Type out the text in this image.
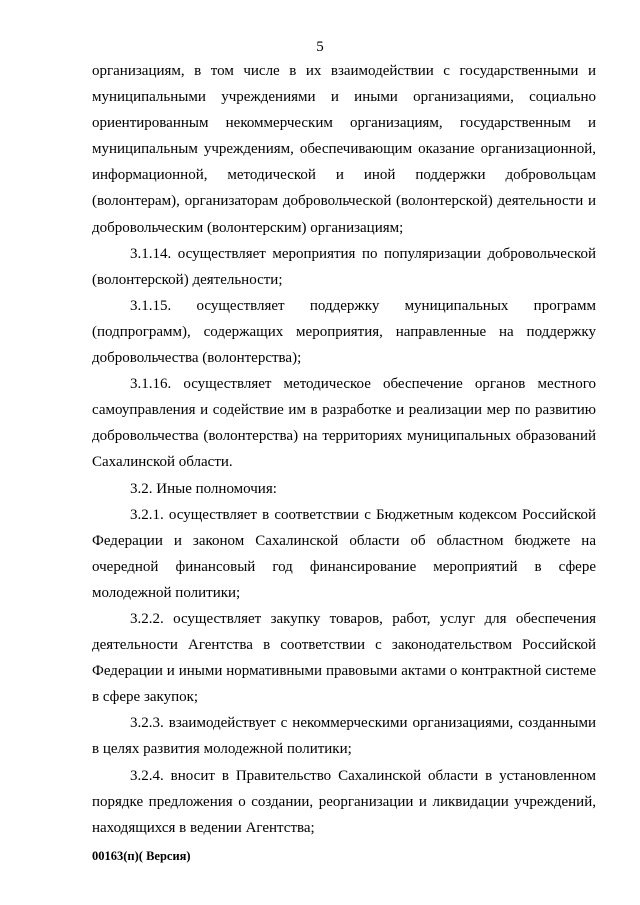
5

организациям, в том числе в их взаимодействии с государственными и муниципальными учреждениями и иными организациями, социально ориентированным некоммерческим организациям, государственным и муниципальным учреждениям, обеспечивающим оказание организационной, информационной, методической и иной поддержки добровольцам (волонтерам), организаторам добровольческой (волонтерской) деятельности и добровольческим (волонтерским) организациям;

3.1.14. осуществляет мероприятия по популяризации добровольческой (волонтерской) деятельности;

3.1.15. осуществляет поддержку муниципальных программ (подпрограмм), содержащих мероприятия, направленные на поддержку добровольчества (волонтерства);

3.1.16. осуществляет методическое обеспечение органов местного самоуправления и содействие им в разработке и реализации мер по развитию добровольчества (волонтерства) на территориях муниципальных образований Сахалинской области.

3.2. Иные полномочия:

3.2.1. осуществляет в соответствии с Бюджетным кодексом Российской Федерации и законом Сахалинской области об областном бюджете на очередной финансовый год финансирование мероприятий в сфере молодежной политики;

3.2.2. осуществляет закупку товаров, работ, услуг для обеспечения деятельности Агентства в соответствии с законодательством Российской Федерации и иными нормативными правовыми актами о контрактной системе в сфере закупок;

3.2.3. взаимодействует с некоммерческими организациями, созданными в целях развития молодежной политики;

3.2.4. вносит в Правительство Сахалинской области в установленном порядке предложения о создании, реорганизации и ликвидации учреждений, находящихся в ведении Агентства;

00163(п)( Версия)
